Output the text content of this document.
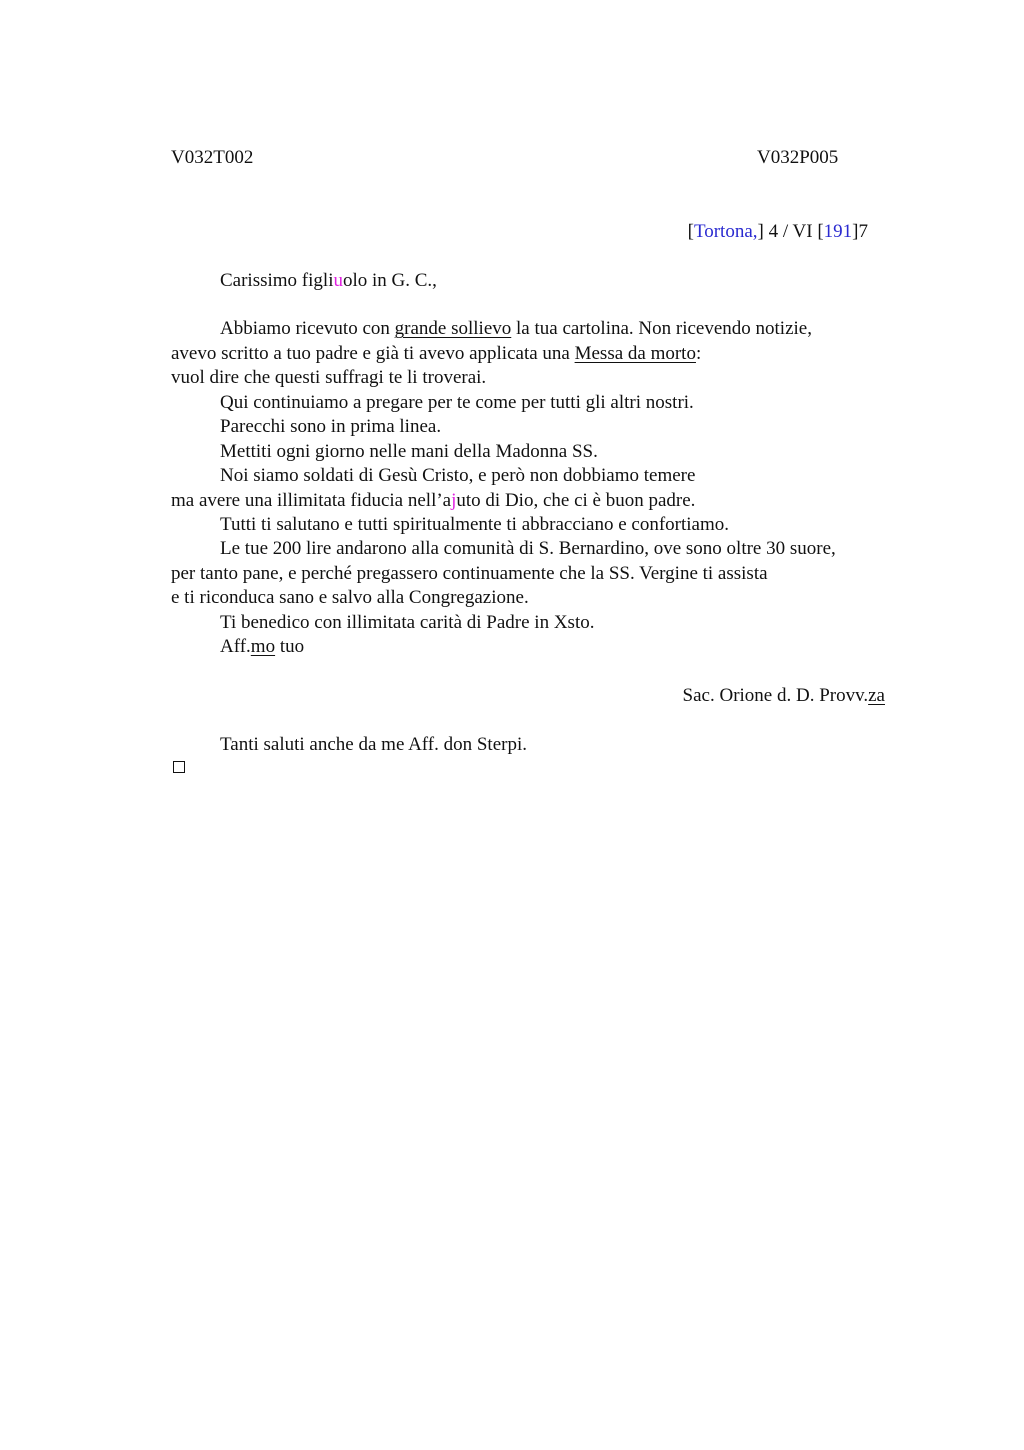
V032T002	V032P005
[Tortona,] 4 / VI [191]7
Carissimo figliuolo in G. C.,
Abbiamo ricevuto con grande sollievo la tua cartolina. Non ricevendo notizie,
avevo scritto a tuo padre e già ti avevo applicata una Messa da morto:
vuol dire che questi suffragi te li troverai.
Qui continuiamo a pregare per te come per tutti gli altri nostri.
Parecchi sono in prima linea.
Mettiti ogni giorno nelle mani della Madonna SS.
Noi siamo soldati di Gesù Cristo, e però non dobbiamo temere
ma avere una illimitata fiducia nell’ajuto di Dio, che ci è buon padre.
Tutti ti salutano e tutti spiritualmente ti abbracciano e confortiamo.
Le tue 200 lire andarono alla comunità di S. Bernardino, ove sono oltre 30 suore,
per tanto pane, e perché pregassero continuamente che la SS. Vergine ti assista
e ti riconduca sano e salvo alla Congregazione.
Ti benedico con illimitata carità di Padre in Xsto.
Aff.mo tuo
Sac. Orione d. D. Provv.za
Tanti saluti anche da me Aff. don Sterpi.
